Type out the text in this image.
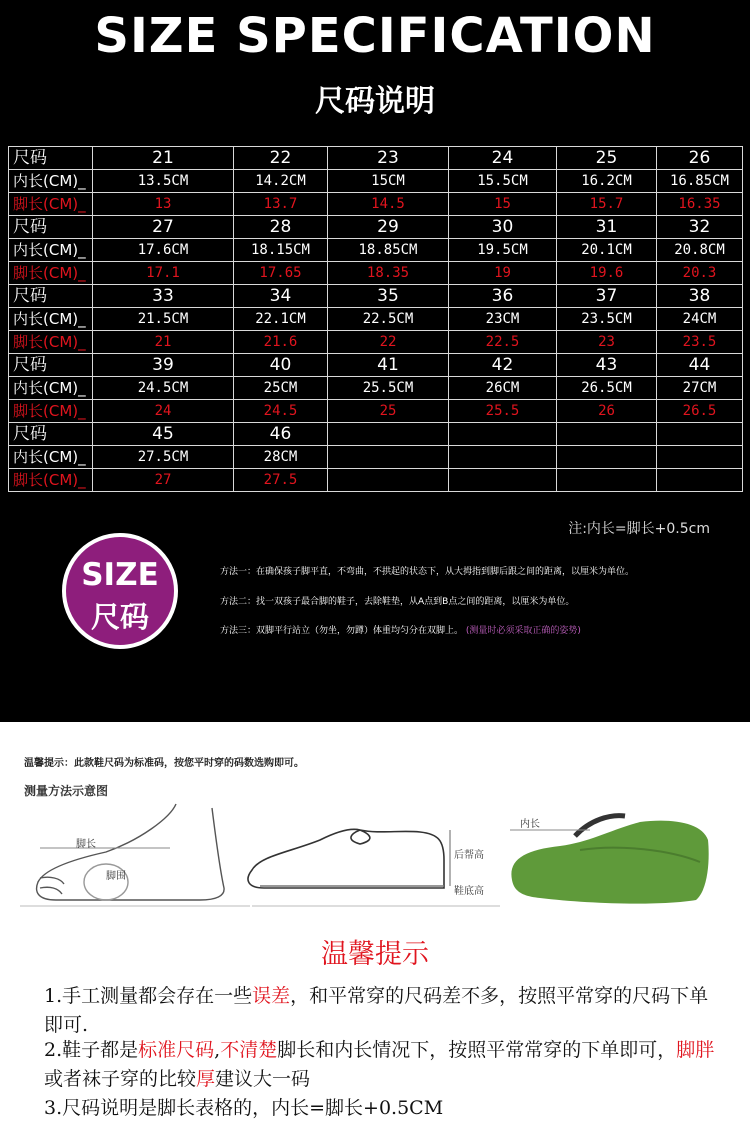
SIZE SPECIFICATION
尺码说明
尺码	21	22	23	24	25	26
内长(CM)_	13.5CM	14.2CM	15CM	15.5CM	16.2CM	16.85CM
脚长(CM)_	13	13.7	14.5	15	15.7	16.35
尺码	27	28	29	30	31	32
内长(CM)_	17.6CM	18.15CM	18.85CM	19.5CM	20.1CM	20.8CM
脚长(CM)_	17.1	17.65	18.35	19	19.6	20.3
尺码	33	34	35	36	37	38
内长(CM)_	21.5CM	22.1CM	22.5CM	23CM	23.5CM	24CM
脚长(CM)_	21	21.6	22	22.5	23	23.5
尺码	39	40	41	42	43	44
内长(CM)_	24.5CM	25CM	25.5CM	26CM	26.5CM	27CM
脚长(CM)_	24	24.5	25	25.5	26	26.5
尺码	45	46				
内长(CM)_	27.5CM	28CM				
脚长(CM)_	27	27.5				
注:内长=脚长+0.5cm
SIZE
尺码
方法一：在确保孩子脚平直，不弯曲，不拱起的状态下，从大拇指到脚后跟之间的距离，以厘米为单位。
方法二：找一双孩子最合脚的鞋子，去除鞋垫，从A点到B点之间的距离，以厘米为单位。
方法三：双脚平行站立（勿坐，勿蹲）体重均匀分在双脚上。 (测量时必须采取正确的姿势)
温馨提示：此款鞋尺码为标准码，按您平时穿的码数选购即可。
测量方法示意图
脚长
脚围
后帮高
鞋底高
内长
温馨提示
1.手工测量都会存在一些误差，和平常穿的尺码差不多，按照平常穿的尺码下单即可.
2.鞋子都是标准尺码,不清楚脚长和内长情况下，按照平常常穿的下单即可，脚胖或者袜子穿的比较厚建议大一码
3.尺码说明是脚长表格的，内长=脚长+0.5CM
